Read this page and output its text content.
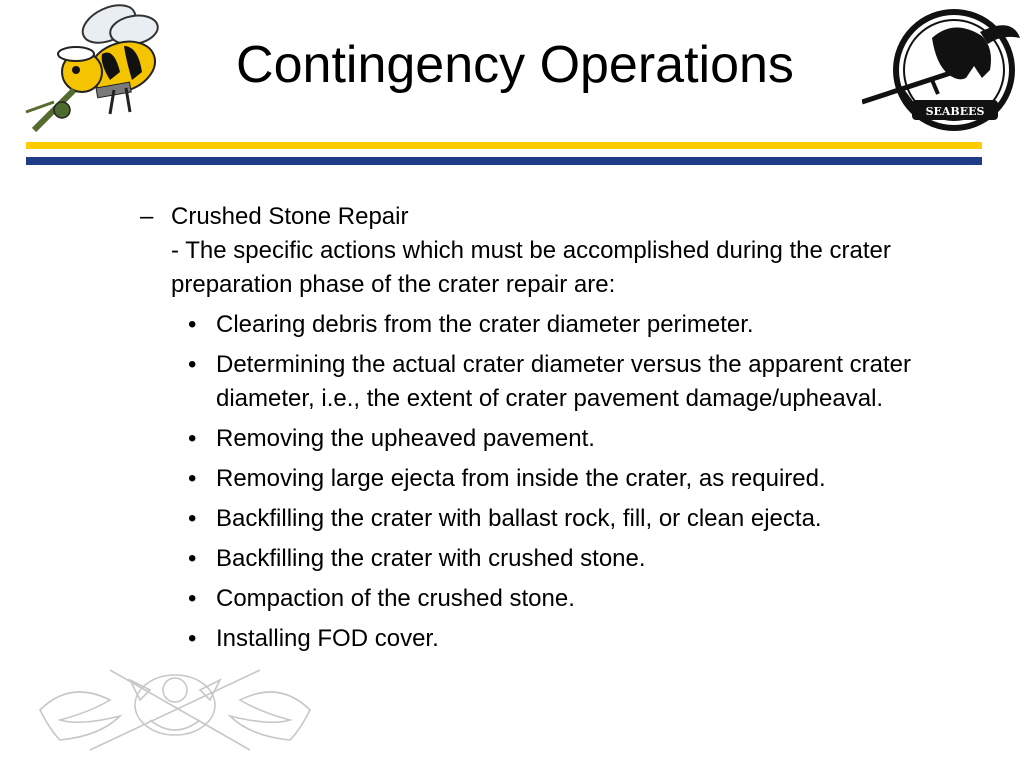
Contingency Operations
SEABEES
– Crushed Stone Repair
- The specific actions which must be accomplished during the crater preparation phase of the crater repair are:
• Clearing debris from the crater diameter perimeter.
• Determining the actual crater diameter versus the apparent crater diameter, i.e., the extent of crater pavement damage/upheaval.
• Removing the upheaved pavement.
• Removing large ejecta from inside the crater, as required.
• Backfilling the crater with ballast rock, fill, or clean ejecta.
• Backfilling the crater with crushed stone.
• Compaction of the crushed stone.
• Installing FOD cover.
